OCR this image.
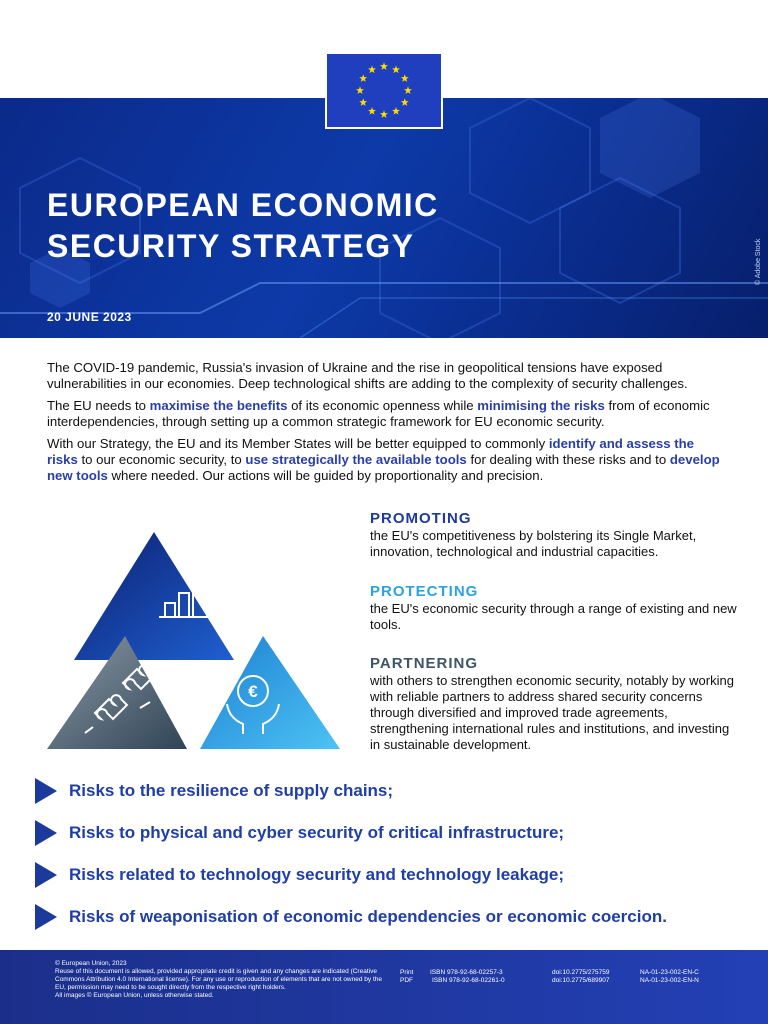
EUROPEAN ECONOMIC
SECURITY STRATEGY
20 JUNE 2023
© Adobe Stock

The COVID-19 pandemic, Russia's invasion of Ukraine and the rise in geopolitical tensions have exposed vulnerabilities in our economies. Deep technological shifts are adding to the complexity of security challenges.

The EU needs to maximise the benefits of its economic openness while minimising the risks from of economic interdependencies, through setting up a common strategic framework for EU economic security.

With our Strategy, the EU and its Member States will be better equipped to commonly identify and assess the risks to our economic security, to use strategically the available tools for dealing with these risks and to develop new tools where needed. Our actions will be guided by proportionality and precision.

€
PROMOTING

the EU's competitiveness by bolstering its Single Market, innovation, technological and industrial capacities.

PROTECTING

the EU's economic security through a range of existing and new tools.

PARTNERING

with others to strengthen economic security, notably by working with reliable partners to address shared security concerns through diversified and improved trade agreements, strengthening international rules and institutions, and investing in sustainable development.

Risks to the resilience of supply chains;
Risks to physical and cyber security of critical infrastructure;
Risks related to technology security and technology leakage;
Risks of weaponisation of economic dependencies or economic coercion.
© European Union, 2023
Reuse of this document is allowed, provided appropriate credit is given and any changes are indicated (Creative Commons Attribution 4.0 International license). For any use or reproduction of elements that are not owned by the EU, permission may need to be sought directly from the respective right holders.
All images © European Union, unless otherwise stated.
Print	ISBN 978-92-68-02257-3	doi:10.2775/275759	NA-01-23-002-EN-C
PDF	ISBN 978-92-68-02261-0	doi:10.2775/689907	NA-01-23-002-EN-N
